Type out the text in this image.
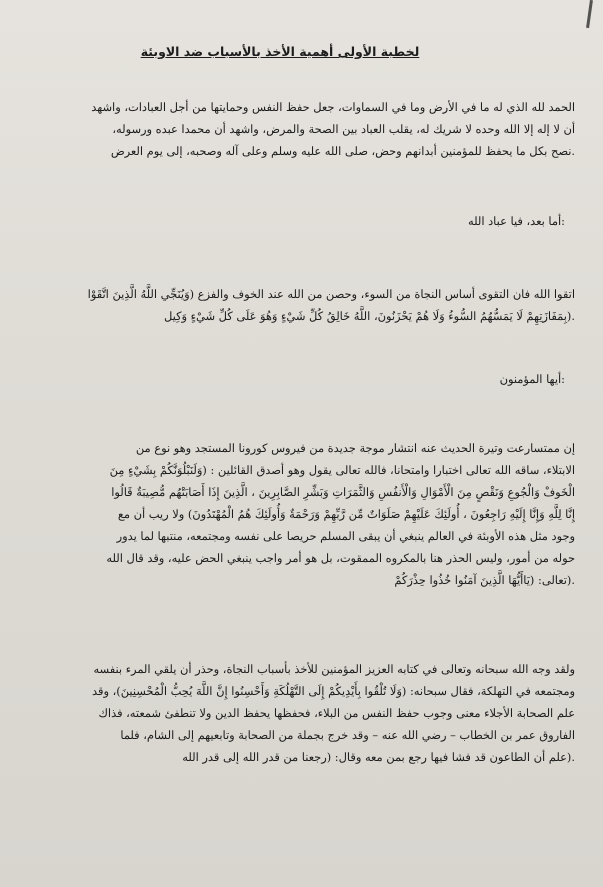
لخطبة الأولى أهمية الأخذ بالأسباب ضد الاوبئة
الحمد لله الذي له ما في الأرض وما في السماوات، جعل حفظ النفس وحمايتها من أجل العبادات، واشهد
أن لا إله إلا الله وحده لا شريك له، يقلب العباد بين الصحة والمرض، واشهد أن محمدا عبده ورسوله،
.نصح بكل ما يحفظ للمؤمنين أبدانهم وحض، صلى الله عليه وسلم وعلى آله وصحبه، إلى يوم العرض
:أما بعد، فيا عباد الله
اتقوا الله فان التقوى أساس النجاة من السوء، وحصن من الله عند الخوف والفزع (وَيُنَجِّي اللَّهُ الَّذِينَ اتَّقَوْا
.(بِمَفَازَتِهِمْ لَا يَمَسُّهُمُ السُّوءُ وَلَا هُمْ يَحْزَنُونَ، اللَّهُ خَالِقُ كُلِّ شَيْءٍ وَهُوَ عَلَى كُلِّ شَيْءٍ وَكِيل
:أيها المؤمنون
إن ممتسارعت وتيرة الحديث عنه انتشار موجة جديدة من فيروس كورونا المستجد وهو نوع من
الابتلاء، ساقه الله تعالى اختبارا وامتحانا، فالله تعالى يقول وهو أصدق القائلين : (وَلَنَبْلُوَنَّكُمْ بِشَيْءٍ مِنَ
الْخَوفْ وَالْجُوعِ وَنَقْصٍ مِنَ الْأَمْوَالِ وَالْأَنفُسِ وَالثَّمَرَاتِ وَبَشِّرِ الصَّابِرِينَ ، الَّذِينَ إِذَا أَصَابَتْهُم مُّصِيبَةٌ قَالُوا
إِنَّا لِلَّهِ وَإِنَّا إِلَيْهِ رَاجِعُونَ ، أُولَئِكَ عَلَيْهِمْ صَلَوَاتٌ مِّن رَّبِّهِمْ وَرَحْمَةٌ وَأُولَئِكَ هُمُ الْمُهْتَدُونَ) ولا ريب أن مع
وجود مثل هذه الأوبئة في العالم ينبغي أن يبقى المسلم حريصا على نفسه ومجتمعه، منتبها لما يدور
حوله من أمور، وليس الحذر هنا بالمكروه الممقوت، بل هو أمر واجب ينبغي الحض عليه، وقد قال الله
.(تعالى: (يَاأَيُّهَا الَّذِينَ آمَنُوا خُذُوا حِذْرَكُمْ
ولقد وجه الله سبحانه وتعالى في كتابه العزيز المؤمنين للأخذ بأسباب النجاة، وحذر أن يلقي المرء بنفسه
ومجتمعه في التهلكة، فقال سبحانه: (وَلَا تُلْقُوا بِأَيْدِيكُمْ إِلَى التَّهْلُكَةِ وَأَحْسِنُوا إِنَّ اللَّهَ يُحِبُّ الْمُحْسِنِينَ)، وقد
علم الصحابة الأجلاء معنى وجوب حفظ النفس من البلاء، فحفظها يحفظ الدين ولا تنطفئ شمعته، فذاك
الفاروق عمر بن الخطاب – رضي الله عنه – وقد خرج بجملة من الصحابة وتابعيهم إلى الشام، فلما
.(علم أن الطاعون قد فشا فيها رجع بمن معه وقال: (رجعنا من قدر الله إلى قدر الله
